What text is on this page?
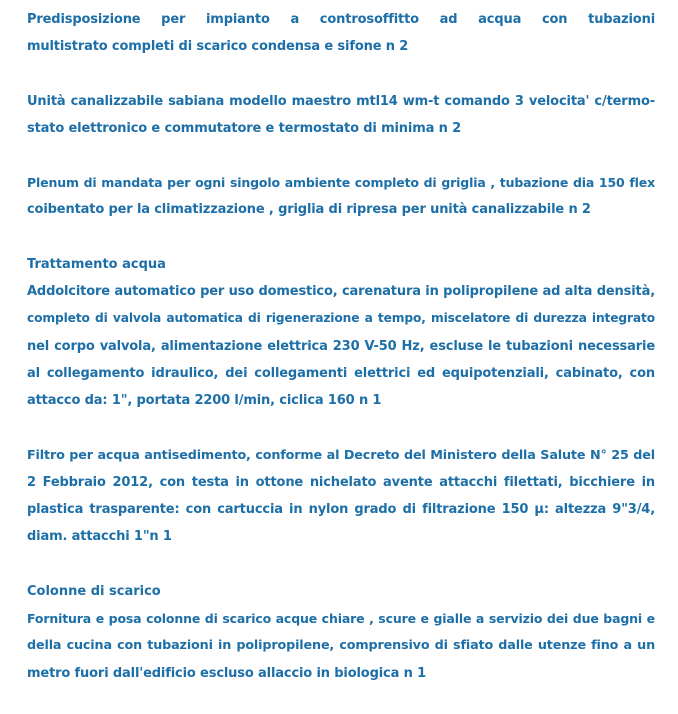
Predisposizione per impianto a controsoffitto ad acqua con tubazioni
multistrato completi di scarico condensa e sifone n 2
Unità canalizzabile sabiana modello maestro mtl14 wm-t comando 3 velocita' c/termo-
stato elettronico e commutatore e termostato di minima n 2
Plenum di mandata per ogni singolo ambiente completo di griglia , tubazione dia 150 flex
coibentato per la climatizzazione , griglia di ripresa per unità canalizzabile n 2
Trattamento acqua
Addolcitore automatico per uso domestico, carenatura in polipropilene ad alta densità,
completo di valvola automatica di rigenerazione a tempo, miscelatore di durezza integrato
nel corpo valvola, alimentazione elettrica 230 V-50 Hz, escluse le tubazioni necessarie
al collegamento idraulico, dei collegamenti elettrici ed equipotenziali, cabinato, con
attacco da: 1", portata 2200 l/min, ciclica 160 n 1
Filtro per acqua antisedimento, conforme al Decreto del Ministero della Salute N° 25 del
2 Febbraio 2012, con testa in ottone nichelato avente attacchi filettati, bicchiere in
plastica trasparente: con cartuccia in nylon grado di filtrazione 150 μ: altezza 9"3/4,
diam. attacchi 1"n 1
Colonne di scarico
Fornitura e posa colonne di scarico acque chiare , scure e gialle a servizio dei due bagni e
della cucina con tubazioni in polipropilene, comprensivo di sfiato dalle utenze fino a un
metro fuori dall'edificio escluso allaccio in biologica n 1
